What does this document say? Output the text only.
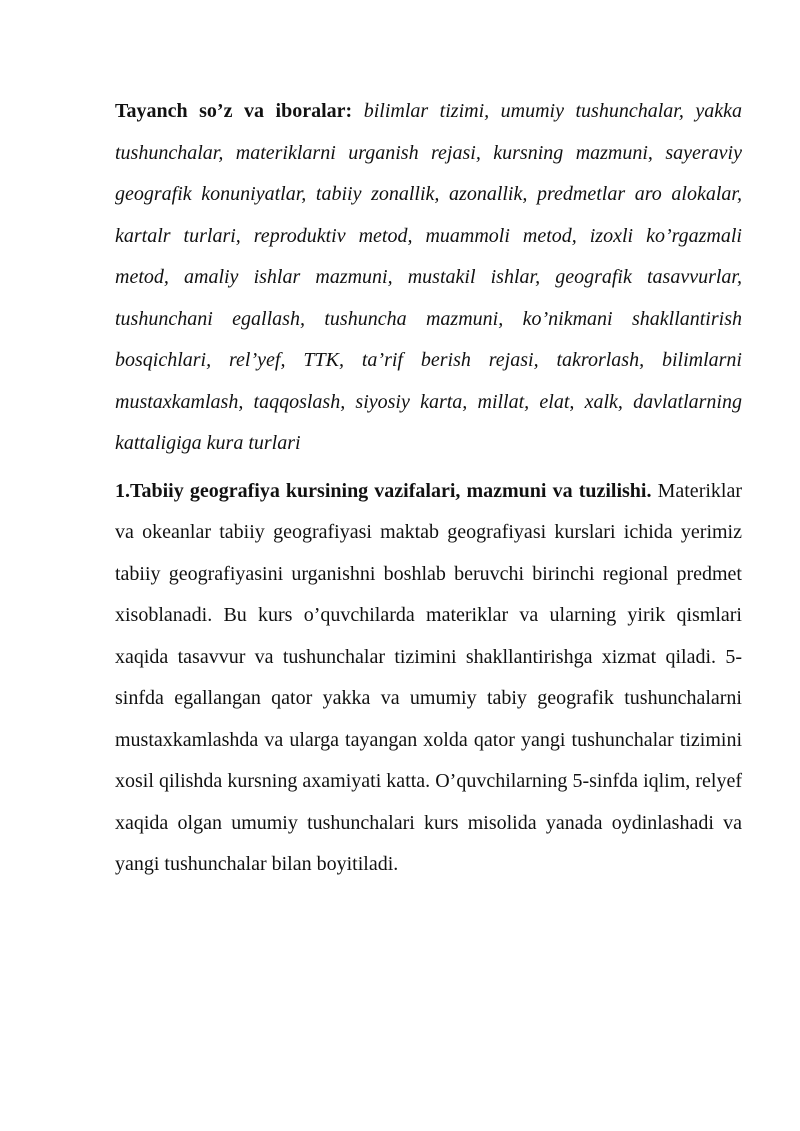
Tayanch so’z va iboralar: bilimlar tizimi, umumiy tushunchalar, yakka tushunchalar, materiklarni urganish rejasi, kursning mazmuni, sayeraviy geografik konuniyatlar, tabiiy zonallik, azonallik, predmetlar aro alokalar, kartalr turlari, reproduktiv metod, muammoli metod, izoxli ko’rgazmali metod, amaliy ishlar mazmuni, mustakil ishlar, geografik tasavvurlar, tushunchani egallash, tushuncha mazmuni, ko’nikmani shakllantirish bosqichlari, rel’yef, TTK, ta’rif berish rejasi, takrorlash, bilimlarni mustaxkamlash, taqqoslash, siyosiy karta, millat, elat, xalk, davlatlarning kattaligiga kura turlari

1.Tabiiy geografiya kursining vazifalari, mazmuni va tuzilishi. Materiklar va okeanlar tabiiy geografiyasi maktab geografiyasi kurslari ichida yerimiz tabiiy geografiyasini urganishni boshlab beruvchi birinchi regional predmet xisoblanadi. Bu kurs o’quvchilarda materiklar va ularning yirik qismlari xaqida tasavvur va tushunchalar tizimini shakllantirishga xizmat qiladi. 5-sinfda egallangan qator yakka va umumiy tabiy geografik tushunchalarni mustaxkamlashda va ularga tayangan xolda qator yangi tushunchalar tizimini xosil qilishda kursning axamiyati katta. O’quvchilarning 5-sinfda iqlim, relyef xaqida olgan umumiy tushunchalari kurs misolida yanada oydinlashadi va yangi tushunchalar bilan boyitiladi.
